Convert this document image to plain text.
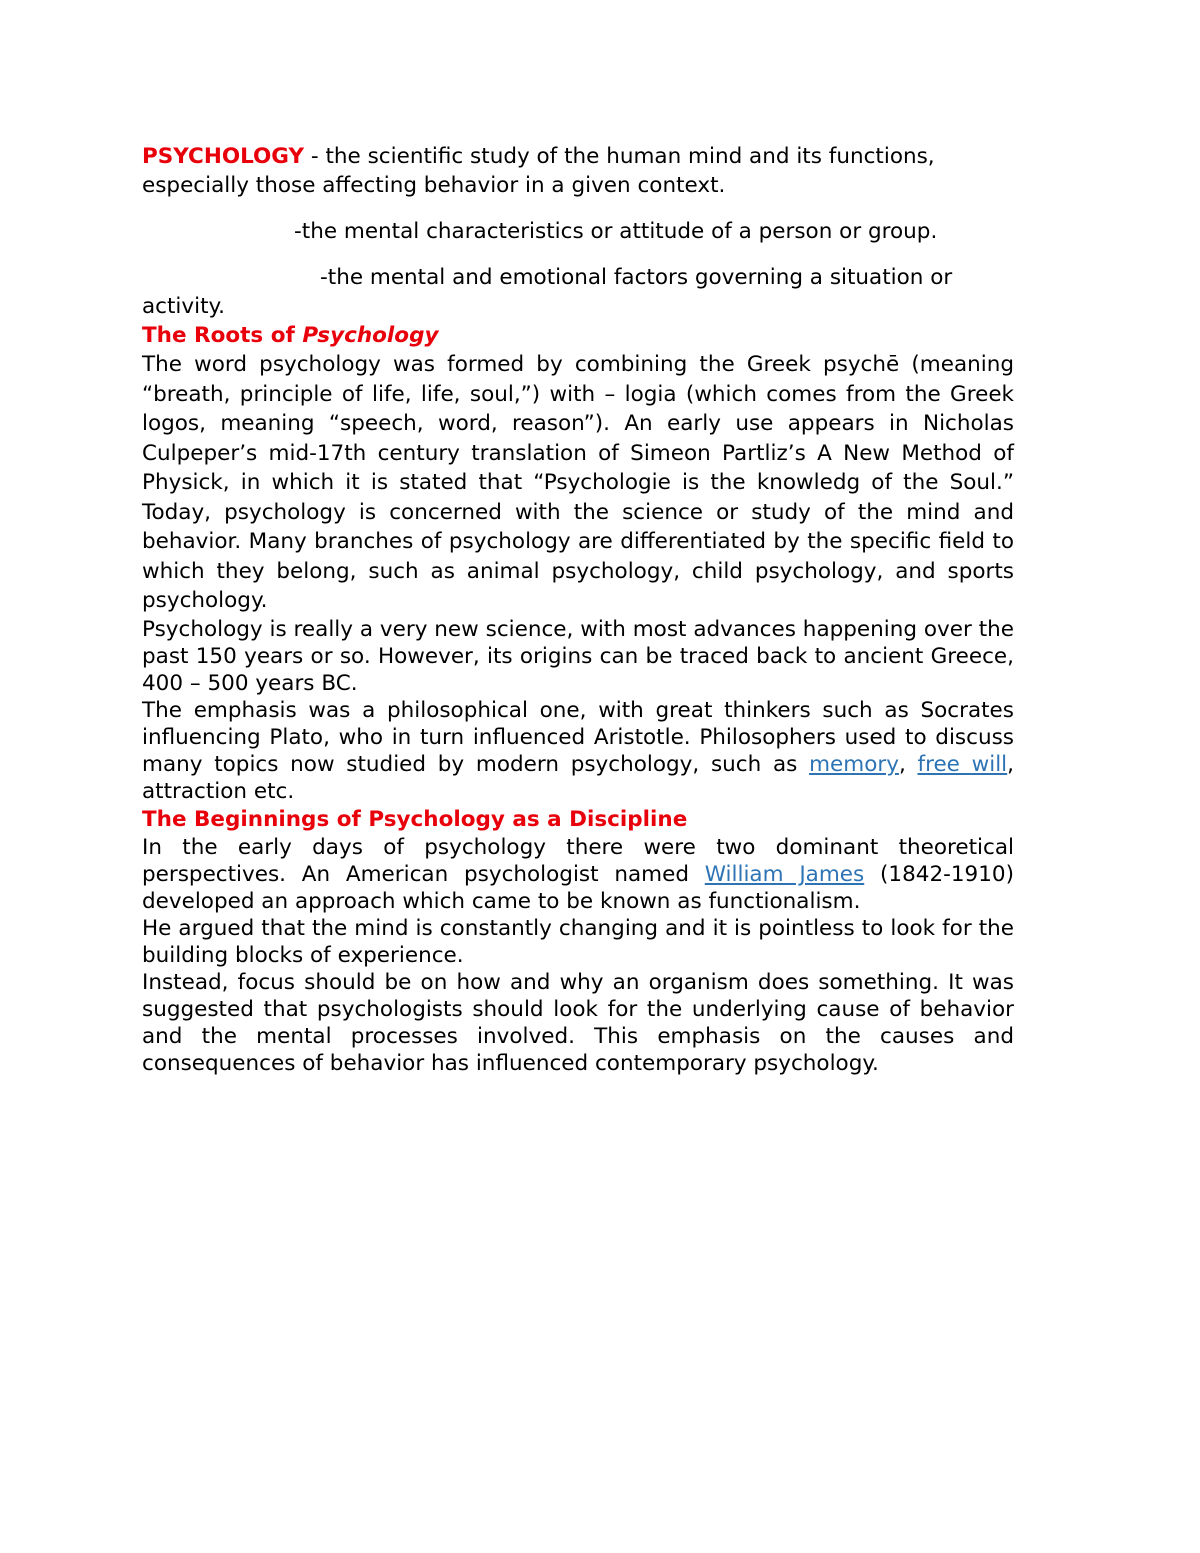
PSYCHOLOGY - the scientific study of the human mind and its functions, especially those affecting behavior in a given context.
-the mental characteristics or attitude of a person or group.
-the mental and emotional factors governing a situation or
activity.
The Roots of Psychology

The word psychology was formed by combining the Greek psychē (meaning “breath, principle of life, life, soul,”) with – logia (which comes from the Greek logos, meaning “speech, word, reason”). An early use appears in Nicholas Culpeper’s mid-17th century translation of Simeon Partliz’s A New Method of Physick, in which it is stated that “Psychologie is the knowledg of the Soul.” Today, psychology is concerned with the science or study of the mind and behavior. Many branches of psychology are differentiated by the specific field to which they belong, such as animal psychology, child psychology, and sports psychology.

Psychology is really a very new science, with most advances happening over the past 150 years or so. However, its origins can be traced back to ancient Greece, 400 – 500 years BC.

The emphasis was a philosophical one, with great thinkers such as Socrates influencing Plato, who in turn influenced Aristotle. Philosophers used to discuss many topics now studied by modern psychology, such as memory, free will, attraction etc.

The Beginnings of Psychology as a Discipline

In the early days of psychology there were two dominant theoretical perspectives. An American psychologist named William James (1842-1910) developed an approach which came to be known as functionalism.

He argued that the mind is constantly changing and it is pointless to look for the building blocks of experience.

Instead, focus should be on how and why an organism does something. It was suggested that psychologists should look for the underlying cause of behavior and the mental processes involved. This emphasis on the causes and consequences of behavior has influenced contemporary psychology.
